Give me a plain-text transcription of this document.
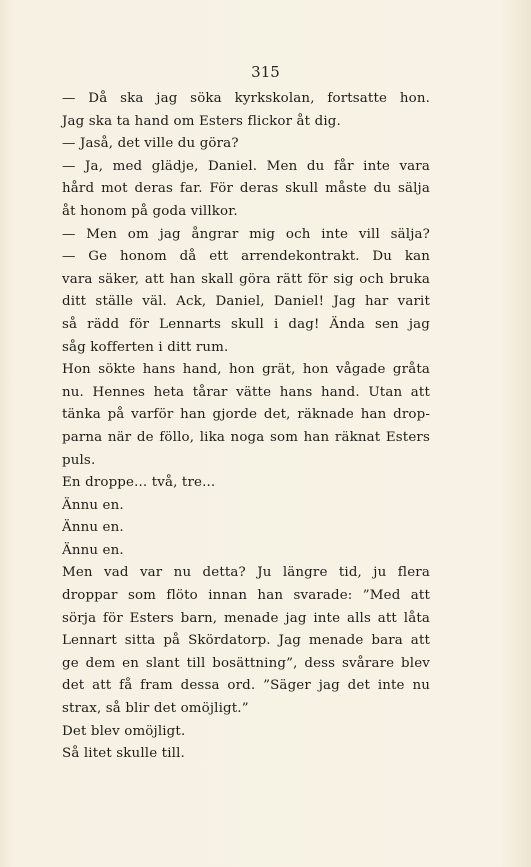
315
— Då ska jag söka kyrkskolan, fortsatte hon.
Jag ska ta hand om Esters flickor åt dig.
— Jaså, det ville du göra?
— Ja, med glädje, Daniel. Men du får inte vara
hård mot deras far. För deras skull måste du sälja
åt honom på goda villkor.
— Men om jag ångrar mig och inte vill sälja?
— Ge honom då ett arrendekontrakt. Du kan
vara säker, att han skall göra rätt för sig och bruka
ditt ställe väl. Ack, Daniel, Daniel! Jag har varit
så rädd för Lennarts skull i dag! Ända sen jag
såg kofferten i ditt rum.
Hon sökte hans hand, hon grät, hon vågade gråta
nu. Hennes heta tårar vätte hans hand. Utan att
tänka på varför han gjorde det, räknade han drop-
parna när de föllo, lika noga som han räknat Esters
puls.
En droppe... två, tre...
Ännu en.
Ännu en.
Ännu en.
Men vad var nu detta? Ju längre tid, ju flera
droppar som flöto innan han svarade: ”Med att
sörja för Esters barn, menade jag inte alls att låta
Lennart sitta på Skördatorp. Jag menade bara att
ge dem en slant till bosättning”, dess svårare blev
det att få fram dessa ord. ”Säger jag det inte nu
strax, så blir det omöjligt.”
Det blev omöjligt.
Så litet skulle till.
